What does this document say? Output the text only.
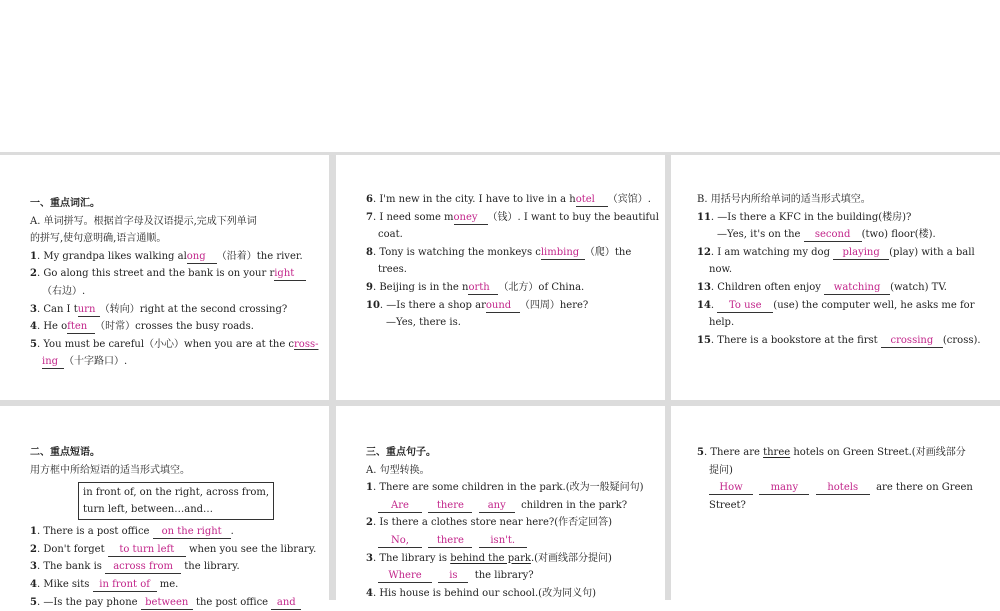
一、重点词汇。
A. 单词拼写。根据首字母及汉语提示,完成下列单词
的拼写,使句意明确,语言通顺。
1. My grandpa likes walking along （沿着）the river.
2. Go along this street and the bank is on your right
（右边）.
3. Can I turn （转向）right at the second crossing?
4. He often （时常）crosses the busy roads.
5. You must be careful（小心）when you are at the cross-
ing （十字路口）.
6. I'm new in the city. I have to live in a hotel （宾馆）.
7. I need some money （钱）. I want to buy the beautiful
coat.
8. Tony is watching the monkeys climbing （爬）the
trees.
9. Beijing is in the north （北方）of China.
10. —Is there a shop around （四周）here?
—Yes, there is.
B. 用括号内所给单词的适当形式填空。
11. —Is there a KFC in the building(楼房)?
—Yes, it's on the second (two) floor(楼).
12. I am watching my dog playing (play) with a ball
now.
13. Children often enjoy watching (watch) TV.
14. To use (use) the computer well, he asks me for
help.
15. There is a bookstore at the first crossing (cross).
二、重点短语。
用方框中所给短语的适当形式填空。
in front of, on the right, across from,
turn left, between…and…
1. There is a post office on the right .
2. Don't forget to turn left when you see the library.
3. The bank is across from the library.
4. Mike sits in front of me.
5. —Is the pay phone between the post office and
三、重点句子。
A. 句型转换。
1. There are some children in the park.(改为一般疑问句)
Are	there any children in the park?
2. Is there a clothes store near here?(作否定回答)
No,	there	isn't.
3. The library is behind the park.(对画线部分提问)
Where	is the library?
4. His house is behind our school.(改为同义句)
5. There are three hotels on Green Street.(对画线部分
提问)
How	many	hotels are there on Green
Street?
